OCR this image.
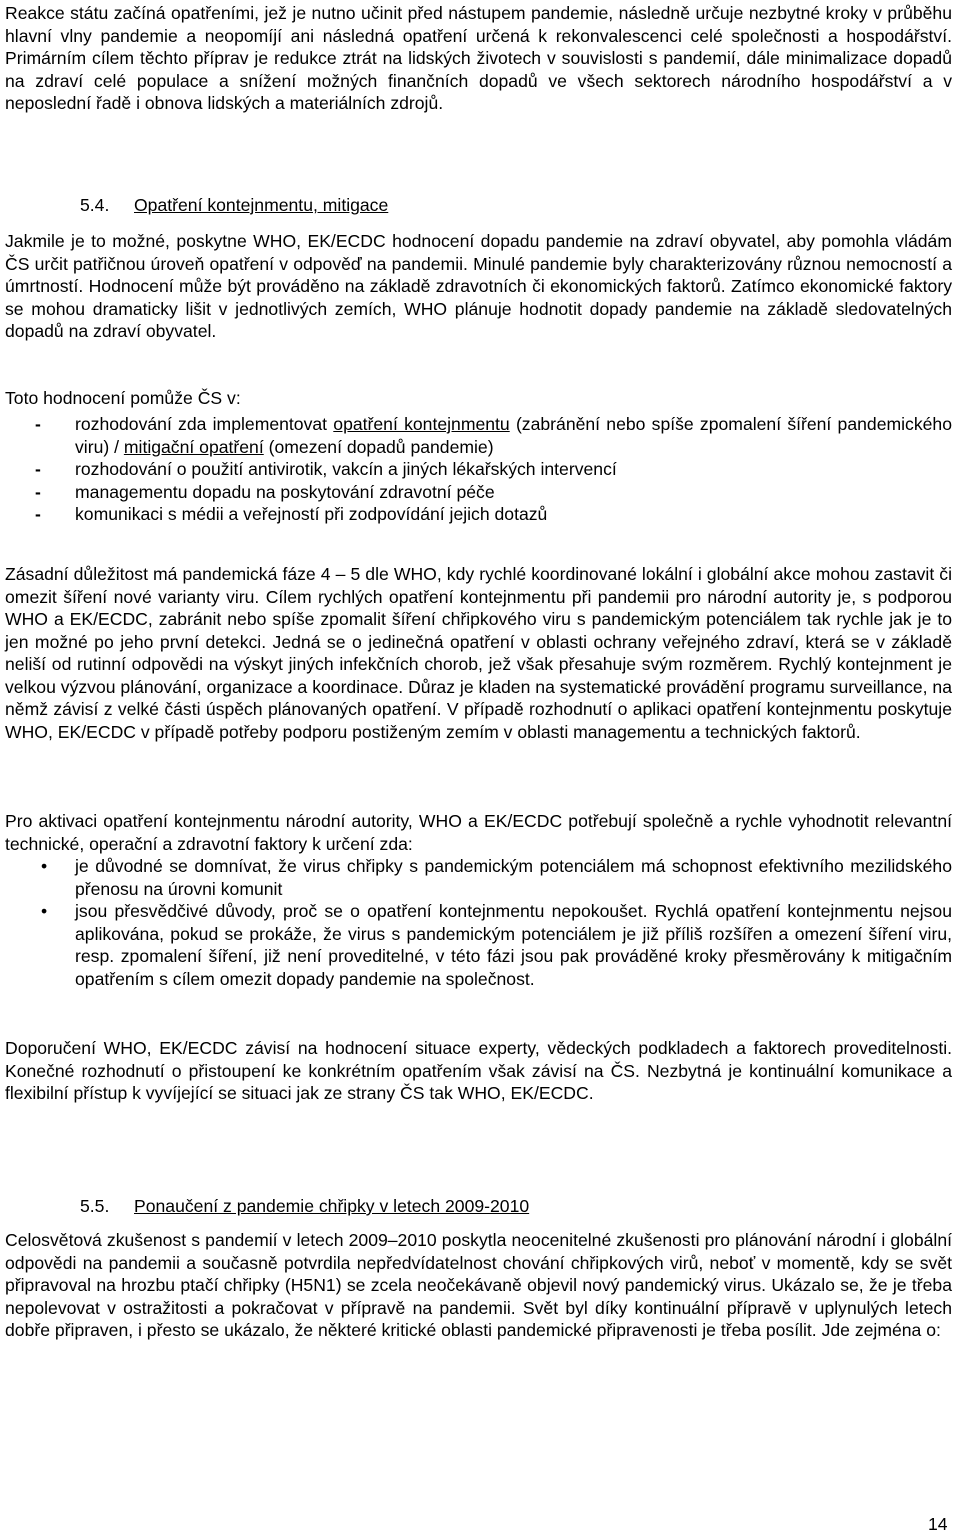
Reakce státu začíná opatřeními, jež je nutno učinit před nástupem pandemie, následně určuje nezbytné kroky v průběhu hlavní vlny pandemie a neopomíjí ani následná opatření určená k rekonvalescenci celé společnosti a hospodářství. Primárním cílem těchto příprav je redukce ztrát na lidských životech v souvislosti s pandemií, dále minimalizace dopadů na zdraví celé populace a snížení možných finančních dopadů ve všech sektorech národního hospodářství a v neposlední řadě i obnova lidských a materiálních zdrojů.

5.4. Opatření kontejnmentu, mitigace

Jakmile je to možné, poskytne WHO, EK/ECDC hodnocení dopadu pandemie na zdraví obyvatel, aby pomohla vládám ČS určit patřičnou úroveň opatření v odpověď na pandemii. Minulé pandemie byly charakterizovány různou nemocností a úmrtností. Hodnocení může být prováděno na základě zdravotních či ekonomických faktorů. Zatímco ekonomické faktory se mohou dramaticky lišit v jednotlivých zemích, WHO plánuje hodnotit dopady pandemie na základě sledovatelných dopadů na zdraví obyvatel.

Toto hodnocení pomůže ČS v:

- rozhodování zda implementovat opatření kontejnmentu (zabránění nebo spíše zpomalení šíření pandemického viru) / mitigační opatření (omezení dopadů pandemie)
- rozhodování o použití antivirotik, vakcín a jiných lékařských intervencí
- managementu dopadu na poskytování zdravotní péče
- komunikaci s médii a veřejností při zodpovídání jejich dotazů

Zásadní důležitost má pandemická fáze 4 – 5 dle WHO, kdy rychlé koordinované lokální i globální akce mohou zastavit či omezit šíření nové varianty viru. Cílem rychlých opatření kontejnmentu při pandemii pro národní autority je, s podporou WHO a EK/ECDC, zabránit nebo spíše zpomalit šíření chřipkového viru s pandemickým potenciálem tak rychle jak je to jen možné po jeho první detekci. Jedná se o jedinečná opatření v oblasti ochrany veřejného zdraví, která se v základě neliší od rutinní odpovědi na výskyt jiných infekčních chorob, jež však přesahuje svým rozměrem. Rychlý kontejnment je velkou výzvou plánování, organizace a koordinace. Důraz je kladen na systematické provádění programu surveillance, na němž závisí z velké části úspěch plánovaných opatření. V případě rozhodnutí o aplikaci opatření kontejnmentu poskytuje WHO, EK/ECDC v případě potřeby podporu postiženým zemím v oblasti managementu a technických faktorů.

Pro aktivaci opatření kontejnmentu národní autority, WHO a EK/ECDC potřebují společně a rychle vyhodnotit relevantní technické, operační a zdravotní faktory k určení zda:

• je důvodné se domnívat, že virus chřipky s pandemickým potenciálem má schopnost efektivního mezilidského přenosu na úrovni komunit
• jsou přesvědčivé důvody, proč se o opatření kontejnmentu nepokoušet. Rychlá opatření kontejnmentu nejsou aplikována, pokud se prokáže, že virus s pandemickým potenciálem je již příliš rozšířen a omezení šíření viru, resp. zpomalení šíření, již není proveditelné, v této fázi jsou pak prováděné kroky přesměrovány k mitigačním opatřením s cílem omezit dopady pandemie na společnost.

Doporučení WHO, EK/ECDC závisí na hodnocení situace experty, vědeckých podkladech a faktorech proveditelnosti. Konečné rozhodnutí o přistoupení ke konkrétním opatřením však závisí na ČS. Nezbytná je kontinuální komunikace a flexibilní přístup k vyvíjející se situaci jak ze strany ČS tak WHO, EK/ECDC.

5.5. Ponaučení z pandemie chřipky v letech 2009-2010

Celosvětová zkušenost s pandemií v letech 2009–2010 poskytla neocenitelné zkušenosti pro plánování národní i globální odpovědi na pandemii a současně potvrdila nepředvídatelnost chování chřipkových virů, neboť v momentě, kdy se svět připravoval na hrozbu ptačí chřipky (H5N1) se zcela neočekávaně objevil nový pandemický virus. Ukázalo se, že je třeba nepolevovat v ostražitosti a pokračovat v přípravě na pandemii. Svět byl díky kontinuální přípravě v uplynulých letech dobře připraven, i přesto se ukázalo, že některé kritické oblasti pandemické připravenosti je třeba posílit. Jde zejména o:

14
